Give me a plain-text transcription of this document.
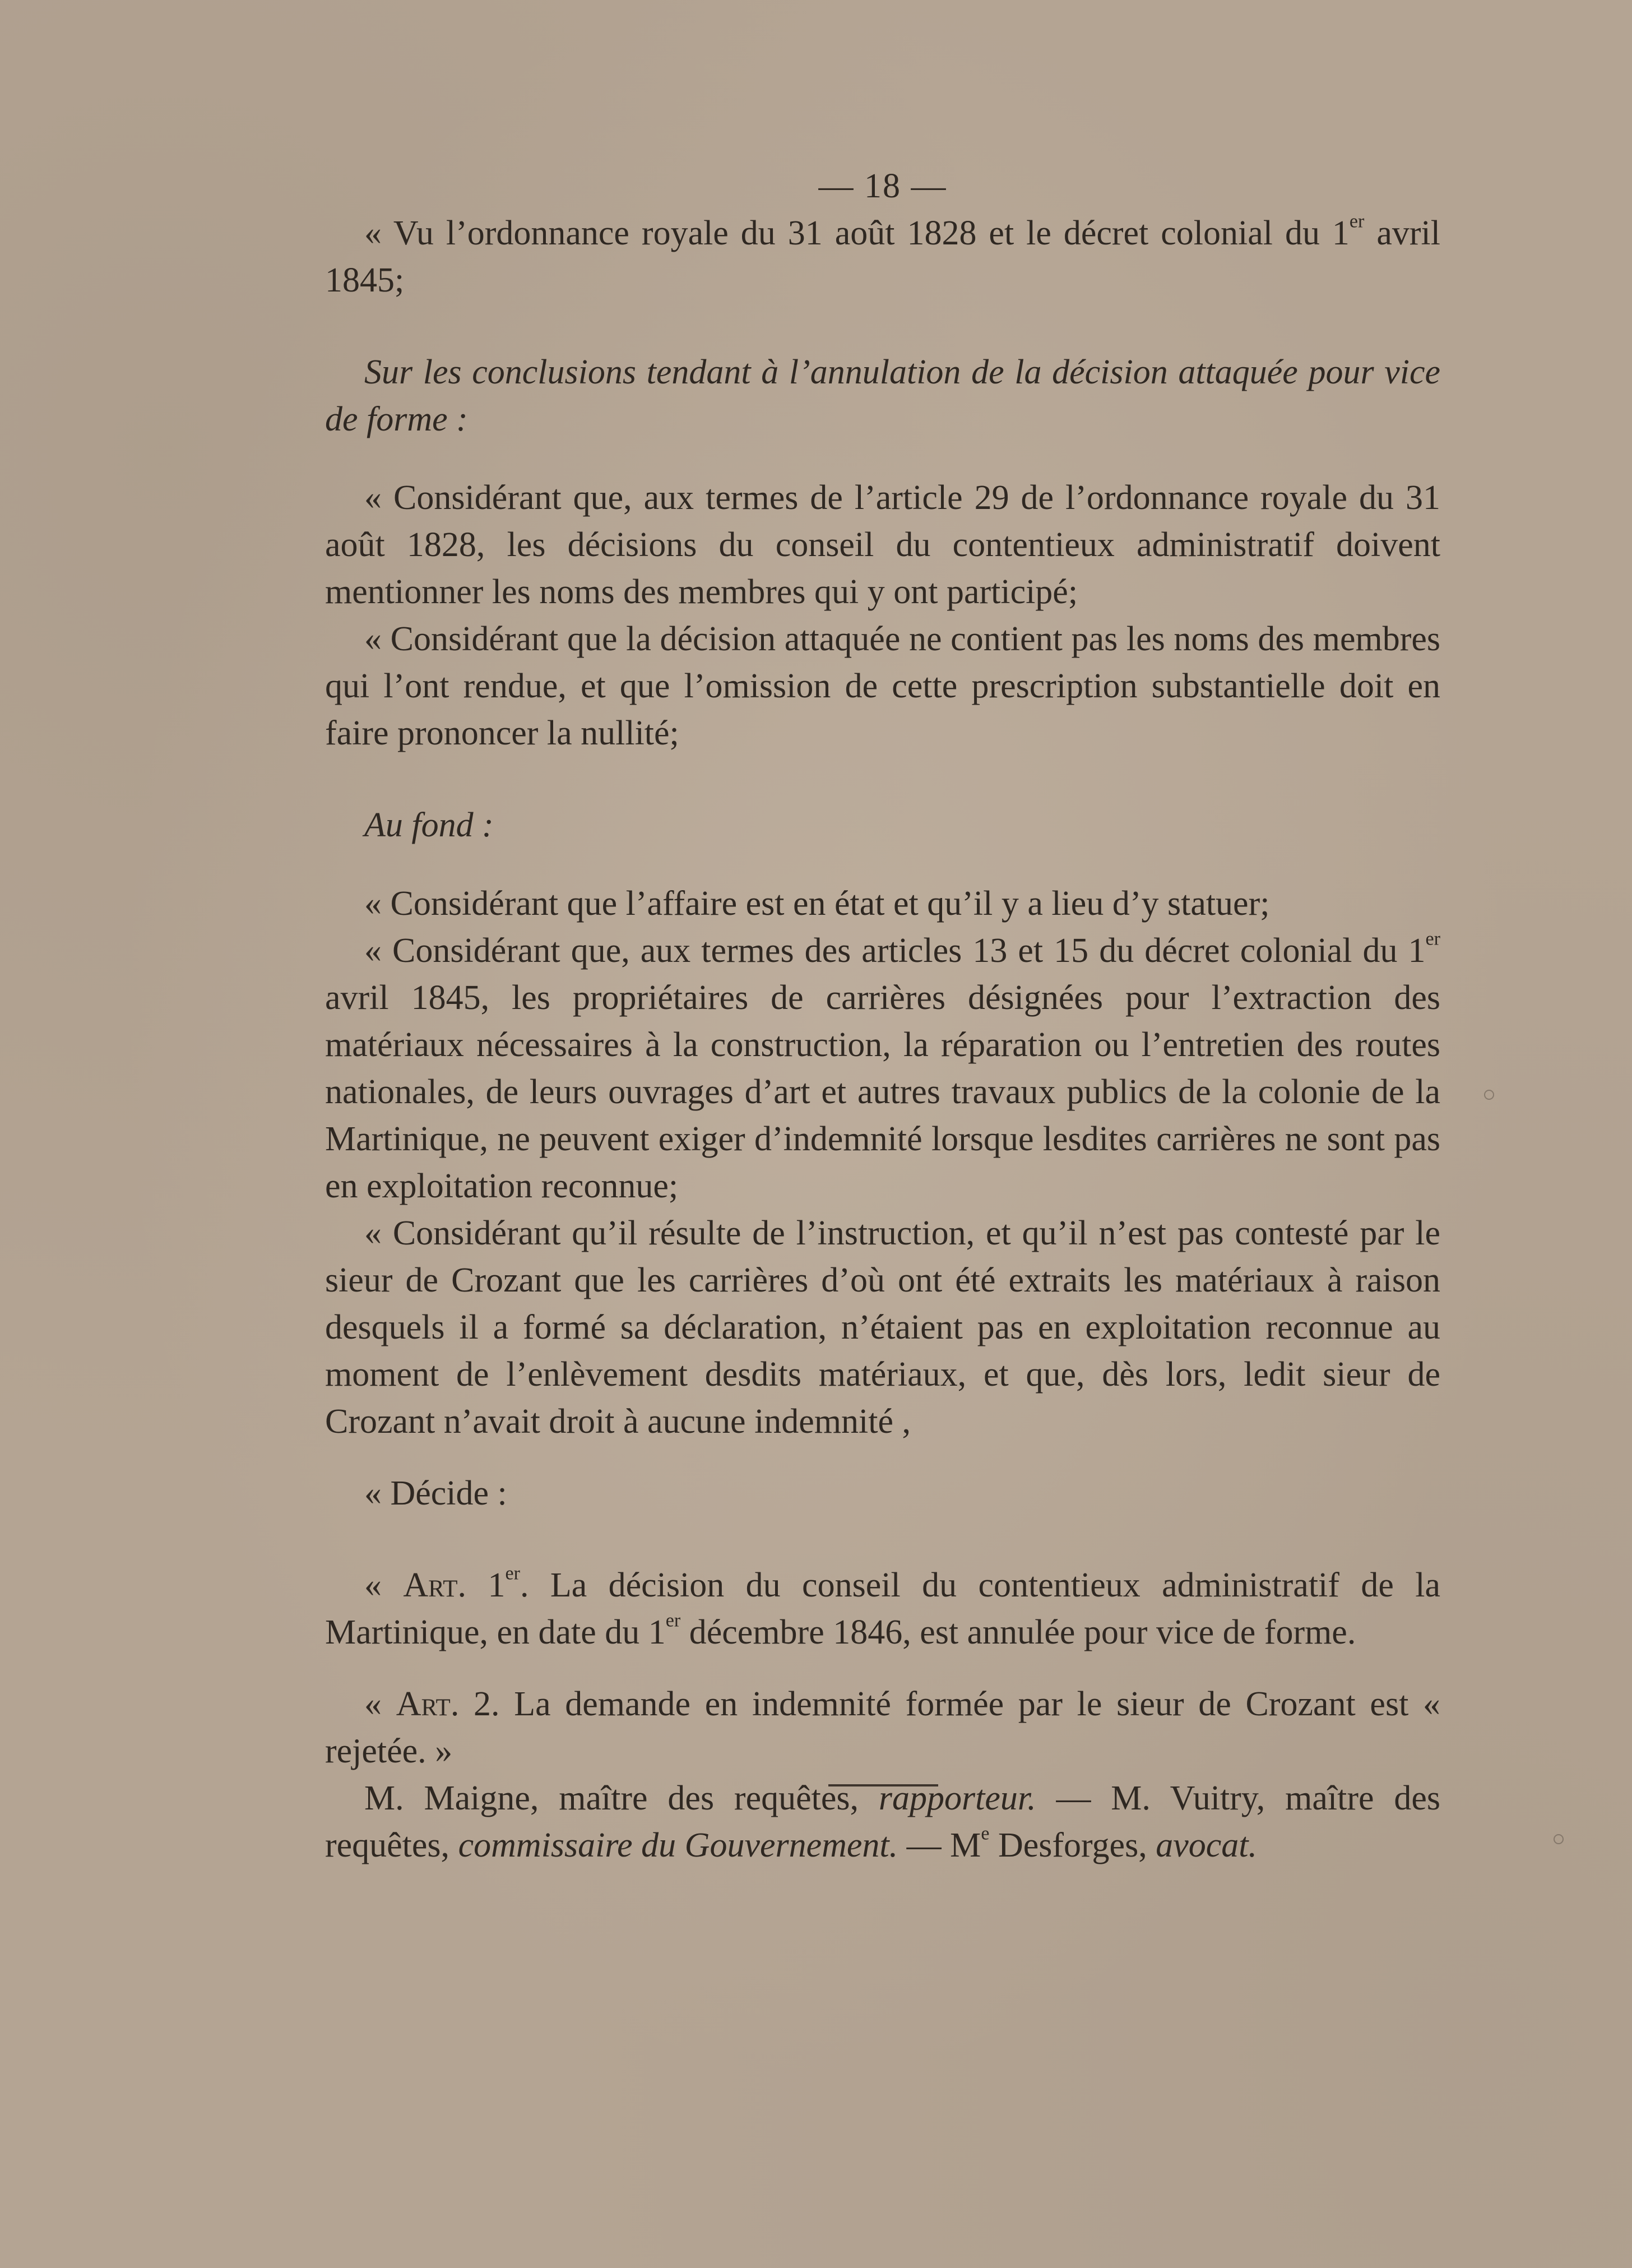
— 18 —

« Vu l’ordonnance royale du 31 août 1828 et le décret colonial du 1er avril 1845;

Sur les conclusions tendant à l’annulation de la décision attaquée pour vice de forme :

« Considérant que, aux termes de l’article 29 de l’ordonnance royale du 31 août 1828, les décisions du conseil du contentieux administratif doivent mentionner les noms des membres qui y ont participé;

« Considérant que la décision attaquée ne contient pas les noms des membres qui l’ont rendue, et que l’omission de cette prescription substantielle doit en faire prononcer la nullité;

Au fond :

« Considérant que l’affaire est en état et qu’il y a lieu d’y statuer;

« Considérant que, aux termes des articles 13 et 15 du décret colonial du 1er avril 1845, les propriétaires de carrières désignées pour l’extraction des matériaux nécessaires à la construction, la réparation ou l’entretien des routes nationales, de leurs ouvrages d’art et autres travaux publics de la colonie de la Martinique, ne peuvent exiger d’indemnité lorsque lesdites carrières ne sont pas en exploitation reconnue;

« Considérant qu’il résulte de l’instruction, et qu’il n’est pas contesté par le sieur de Crozant que les carrières d’où ont été extraits les matériaux à raison desquels il a formé sa déclaration, n’étaient pas en exploitation reconnue au moment de l’enlèvement desdits matériaux, et que, dès lors, ledit sieur de Crozant n’avait droit à aucune indemnité ,

« Décide :

« Art. 1er. La décision du conseil du contentieux administratif de la Martinique, en date du 1er décembre 1846, est annulée pour vice de forme.

« Art. 2. La demande en indemnité formée par le sieur de Crozant est « rejetée. »

M. Maigne, maître des requêtes, rapporteur. — M. Vuitry, maître des requêtes, commissaire du Gouvernement. — Me Desforges, avocat.
